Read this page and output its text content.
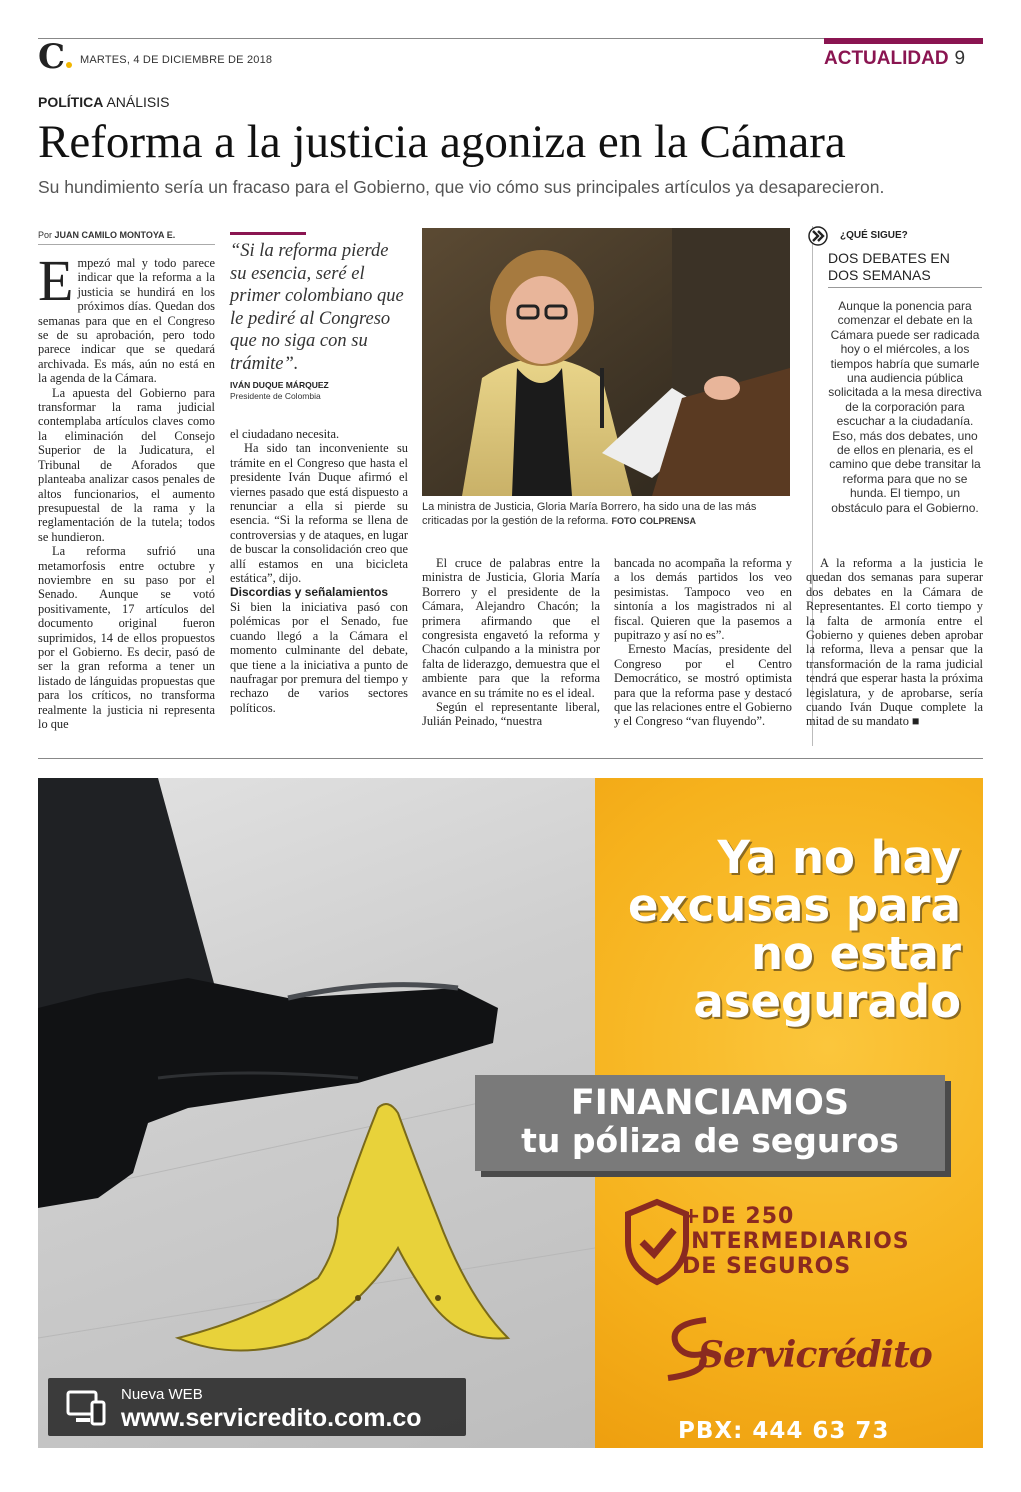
C	MARTES, 4 DE DICIEMBRE DE 2018	ACTUALIDAD 9
POLÍTICA ANÁLISIS
Reforma a la justicia agoniza en la Cámara
Su hundimiento sería un fracaso para el Gobierno, que vio cómo sus principales artículos ya desaparecieron.
Por JUAN CAMILO MONTOYA E.

Empezó mal y todo parece indicar que la reforma a la justicia se hundirá en los próximos días. Quedan dos semanas para que en el Congreso se de su aprobación, pero todo parece indicar que se quedará archivada. Es más, aún no está en la agenda de la Cámara.

La apuesta del Gobierno para transformar la rama judicial contemplaba artículos claves como la eliminación del Consejo Superior de la Judicatura, el Tribunal de Aforados que planteaba analizar casos penales de altos funcionarios, el aumento presupuestal de la rama y la reglamentación de la tutela; todos se hundieron.

La reforma sufrió una metamorfosis entre octubre y noviembre en su paso por el Senado. Aunque se votó positivamente, 17 artículos del documento original fueron suprimidos, 14 de ellos propuestos por el Gobierno. Es decir, pasó de ser la gran reforma a tener un listado de lánguidas propuestas que para los críticos, no transforma realmente la justicia ni representa lo que

“Si la reforma pierde su esencia, seré el primer colombiano que le pediré al Congreso que no siga con su trámite”.
IVÁN DUQUE MÁRQUEZ
Presidente de Colombia

el ciudadano necesita.

Ha sido tan inconveniente su trámite en el Congreso que hasta el presidente Iván Duque afirmó el viernes pasado que está dispuesto a renunciar a ella si pierde su esencia. “Si la reforma se llena de controversias y de ataques, en lugar de buscar la consolidación creo que allí estamos en una bicicleta estática”, dijo.

Discordias y señalamientos

Si bien la iniciativa pasó con polémicas por el Senado, fue cuando llegó a la Cámara el momento culminante del debate, que tiene a la iniciativa a punto de naufragar por premura del tiempo y rechazo de varios sectores políticos.

La ministra de Justicia, Gloria María Borrero, ha sido una de las más criticadas por la gestión de la reforma. FOTO COLPRENSA

El cruce de palabras entre la ministra de Justicia, Gloria María Borrero y el presidente de la Cámara, Alejandro Chacón; la primera afirmando que el congresista engavetó la reforma y Chacón culpando a la ministra por falta de liderazgo, demuestra que el ambiente para que la reforma avance en su trámite no es el ideal.

Según el representante liberal, Julián Peinado, “nuestra

bancada no acompaña la reforma y a los demás partidos los veo pesimistas. Tampoco veo en sintonía a los magistrados ni al fiscal. Quieren que la pasemos a pupitrazo y así no es”.

Ernesto Macías, presidente del Congreso por el Centro Democrático, se mostró optimista para que la reforma pase y destacó que las relaciones entre el Gobierno y el Congreso “van fluyendo”.

¿QUÉ SIGUE?
DOS DEBATES EN DOS SEMANAS
Aunque la ponencia para comenzar el debate en la Cámara puede ser radicada hoy o el miércoles, a los tiempos habría que sumarle una audiencia pública solicitada a la mesa directiva de la corporación para escuchar a la ciudadanía. Eso, más dos debates, uno de ellos en plenaria, es el camino que debe transitar la reforma para que no se hunda. El tiempo, un obstáculo para el Gobierno.

A la reforma a la justicia le quedan dos semanas para superar dos debates en la Cámara de Representantes. El corto tiempo y la falta de armonía entre el Gobierno y quienes deben aprobar la reforma, lleva a pensar que la transformación de la rama judicial tendrá que esperar hasta la próxima legislatura, y de aprobarse, sería cuando Iván Duque complete la mitad de su mandato ■

Ya no hay excusas para no estar asegurado
FINANCIAMOS
tu póliza de seguros
+DE 250
INTERMEDIARIOS
DE SEGUROS
Servicrédito
PBX: 444 63 73
Nueva WEB
www.servicredito.com.co
